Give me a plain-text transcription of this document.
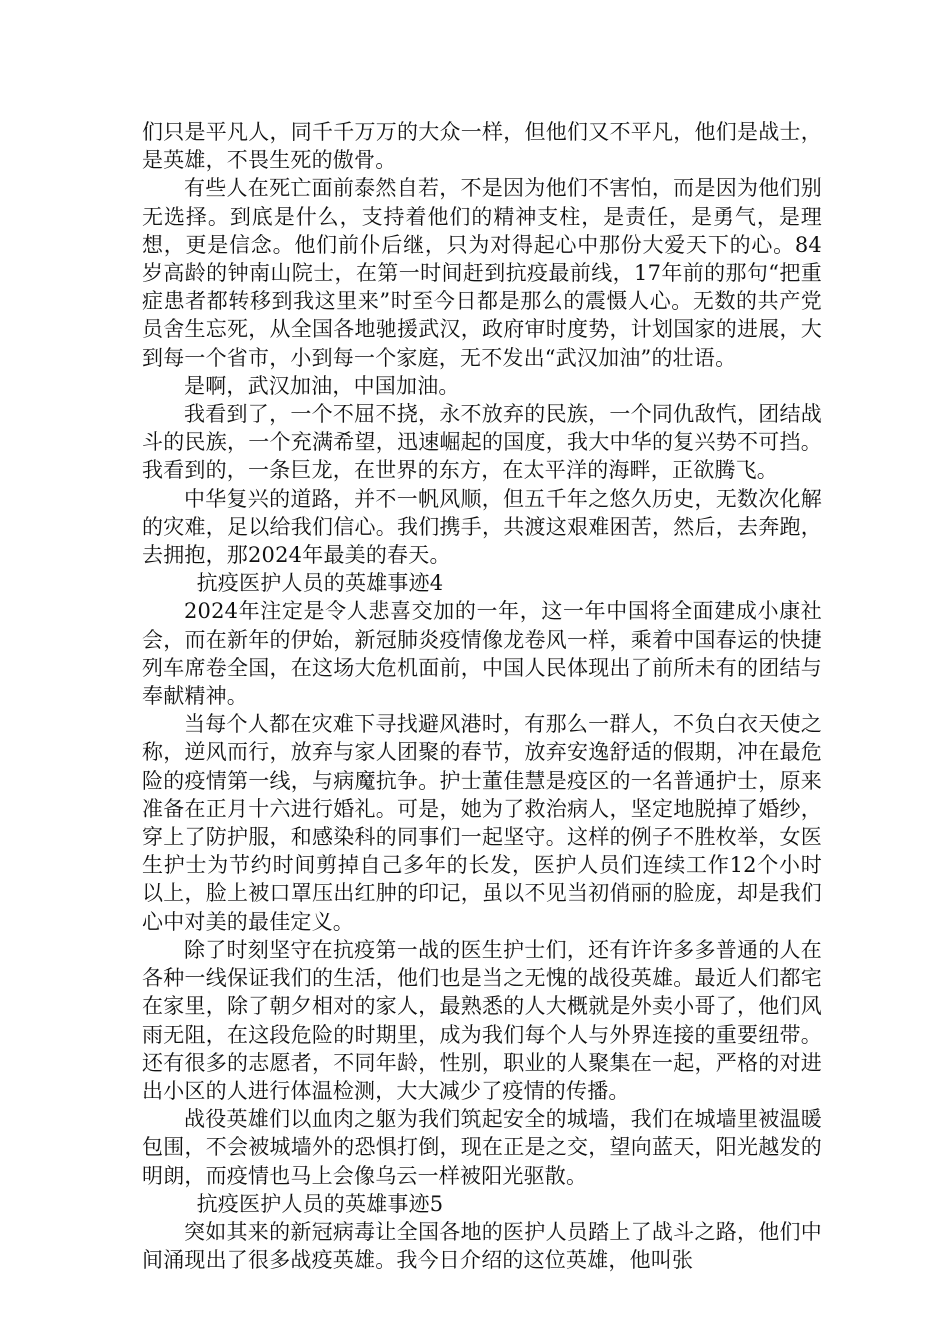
们只是平凡人，同千千万万的大众一样，但他们又不平凡，他们是战士，是英雄，不畏生死的傲骨。

有些人在死亡面前泰然自若，不是因为他们不害怕，而是因为他们别无选择。到底是什么，支持着他们的精神支柱，是责任，是勇气，是理想，更是信念。他们前仆后继，只为对得起心中那份大爱天下的心。84岁高龄的钟南山院士，在第一时间赶到抗疫最前线，17年前的那句“把重症患者都转移到我这里来”时至今日都是那么的震慑人心。无数的共产党员舍生忘死，从全国各地驰援武汉，政府审时度势，计划国家的进展，大到每一个省市，小到每一个家庭，无不发出“武汉加油”的壮语。

是啊，武汉加油，中国加油。

我看到了，一个不屈不挠，永不放弃的民族，一个同仇敌忾，团结战斗的民族，一个充满希望，迅速崛起的国度，我大中华的复兴势不可挡。我看到的，一条巨龙，在世界的东方，在太平洋的海畔，正欲腾飞。

中华复兴的道路，并不一帆风顺，但五千年之悠久历史，无数次化解的灾难，足以给我们信心。我们携手，共渡这艰难困苦，然后，去奔跑，去拥抱，那2024年最美的春天。

抗疫医护人员的英雄事迹4

2024年注定是令人悲喜交加的一年，这一年中国将全面建成小康社会，而在新年的伊始，新冠肺炎疫情像龙卷风一样，乘着中国春运的快捷列车席卷全国，在这场大危机面前，中国人民体现出了前所未有的团结与奉献精神。

当每个人都在灾难下寻找避风港时，有那么一群人，不负白衣天使之称，逆风而行，放弃与家人团聚的春节，放弃安逸舒适的假期，冲在最危险的疫情第一线，与病魔抗争。护士董佳慧是疫区的一名普通护士，原来准备在正月十六进行婚礼。可是，她为了救治病人，坚定地脱掉了婚纱，穿上了防护服，和感染科的同事们一起坚守。这样的例子不胜枚举，女医生护士为节约时间剪掉自己多年的长发，医护人员们连续工作12个小时以上，脸上被口罩压出红肿的印记，虽以不见当初俏丽的脸庞，却是我们心中对美的最佳定义。

除了时刻坚守在抗疫第一战的医生护士们，还有许许多多普通的人在各种一线保证我们的生活，他们也是当之无愧的战役英雄。最近人们都宅在家里，除了朝夕相对的家人，最熟悉的人大概就是外卖小哥了，他们风雨无阻，在这段危险的时期里，成为我们每个人与外界连接的重要纽带。还有很多的志愿者，不同年龄，性别，职业的人聚集在一起，严格的对进出小区的人进行体温检测，大大减少了疫情的传播。

战役英雄们以血肉之躯为我们筑起安全的城墙，我们在城墙里被温暖包围，不会被城墙外的恐惧打倒，现在正是之交，望向蓝天，阳光越发的明朗，而疫情也马上会像乌云一样被阳光驱散。

抗疫医护人员的英雄事迹5

突如其来的新冠病毒让全国各地的医护人员踏上了战斗之路，他们中间涌现出了很多战疫英雄。我今日介绍的这位英雄，他叫张
